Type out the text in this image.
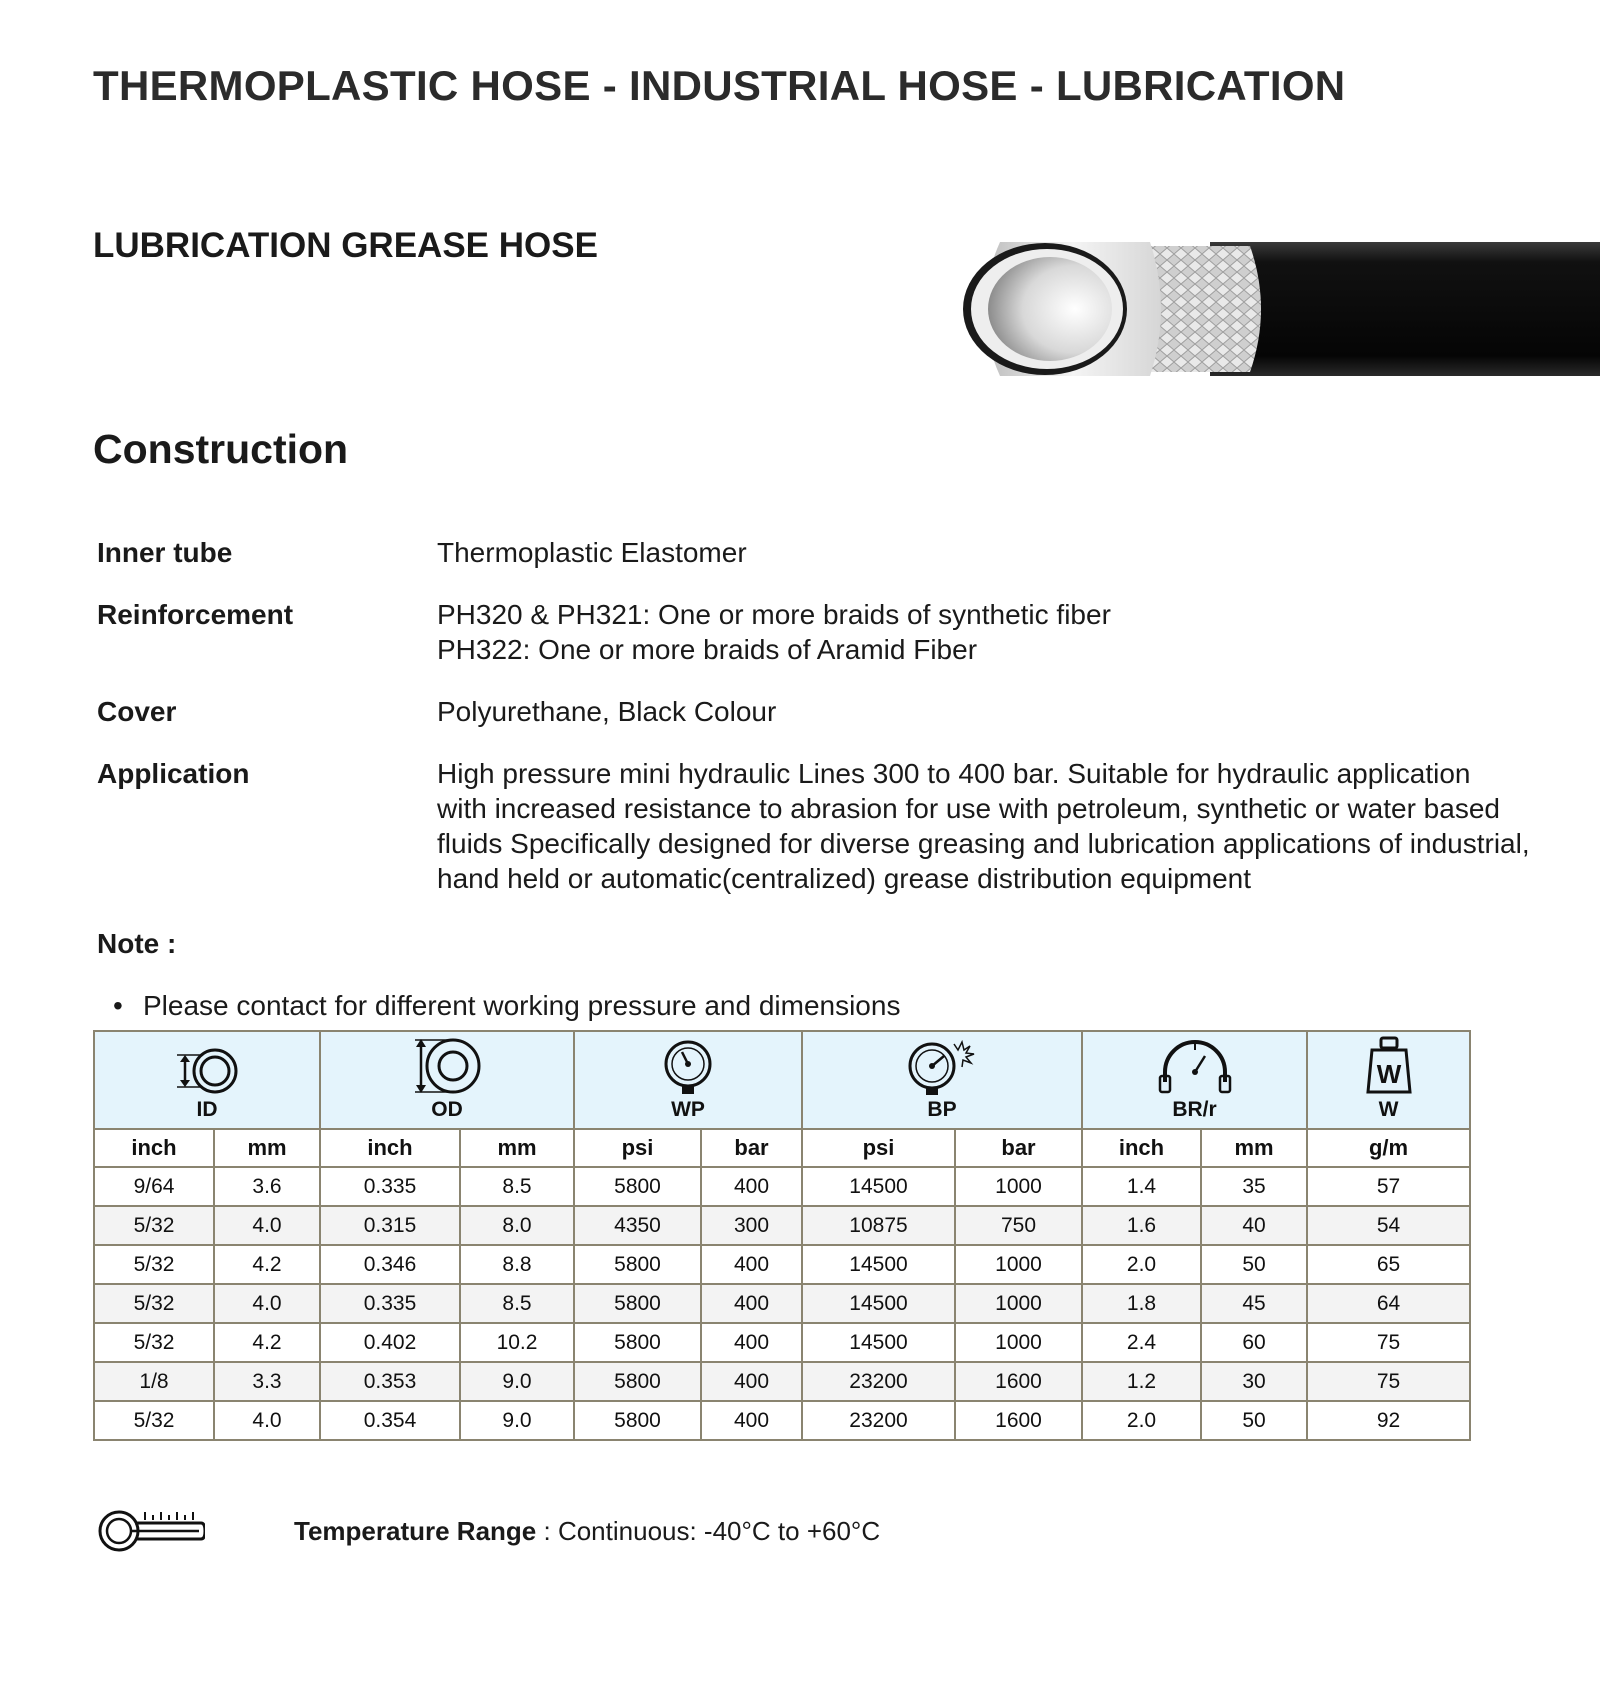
THERMOPLASTIC HOSE - INDUSTRIAL HOSE - LUBRICATION
LUBRICATION GREASE HOSE
Construction
Inner tube	Thermoplastic Elastomer
Reinforcement	PH320 & PH321: One or more braids of synthetic fiber
PH322: One or more braids of Aramid Fiber
Cover	Polyurethane, Black Colour
Application	High pressure mini hydraulic Lines 300 to 400 bar. Suitable for hydraulic application
with increased resistance to abrasion for use with petroleum, synthetic or water based
fluids Specifically designed for diverse greasing and lubrication applications of industrial,
hand held or automatic(centralized) grease distribution equipment
Note :
• Please contact for different working pressure and dimensions
ID		OD		WP		BP		BR/r		W
W

inch	mm	inch	mm	psi	bar	psi	bar	inch	mm	g/m
9/64	3.6	0.335	8.5	5800	400	14500	1000	1.4	35	57
5/32	4.0	0.315	8.0	4350	300	10875	750	1.6	40	54
5/32	4.2	0.346	8.8	5800	400	14500	1000	2.0	50	65
5/32	4.0	0.335	8.5	5800	400	14500	1000	1.8	45	64
5/32	4.2	0.402	10.2	5800	400	14500	1000	2.4	60	75
1/8	3.3	0.353	9.0	5800	400	23200	1600	1.2	30	75
5/32	4.0	0.354	9.0	5800	400	23200	1600	2.0	50	92
Temperature Range : Continuous: -40°C to +60°C
